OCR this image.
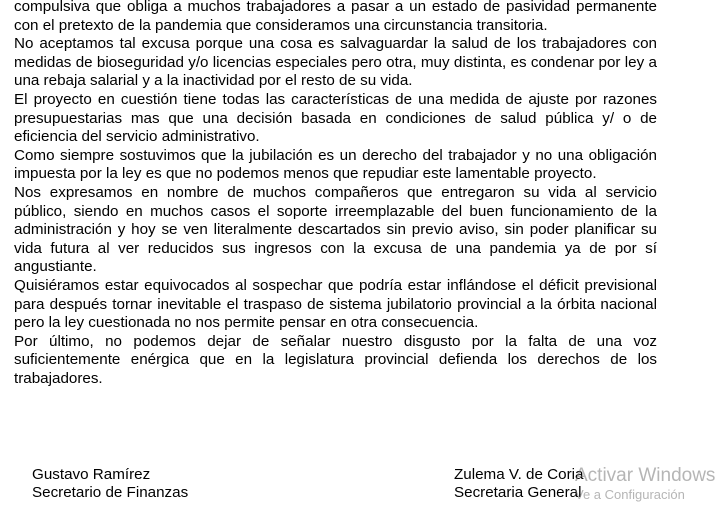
compulsiva que obliga a muchos trabajadores a pasar a un estado de pasividad permanente con el pretexto de la pandemia que consideramos una circunstancia transitoria.

No aceptamos tal excusa porque una cosa es salvaguardar la salud de los trabajadores con medidas de bioseguridad y/o licencias especiales pero otra, muy distinta, es condenar por ley a una rebaja salarial y a la inactividad por el resto de su vida.

El proyecto en cuestión tiene todas las características de una medida de ajuste por razones presupuestarias mas que una decisión basada en condiciones de salud pública y/ o de eficiencia del servicio administrativo.

Como siempre sostuvimos que la jubilación es un derecho del trabajador y no una obligación impuesta por la ley es que no podemos menos que repudiar este lamentable proyecto.

Nos expresamos en nombre de muchos compañeros que entregaron su vida al servicio público, siendo en muchos casos el soporte irreemplazable del buen funcionamiento de la administración y hoy se ven literalmente descartados sin previo aviso, sin poder planificar su vida futura al ver reducidos sus ingresos con la excusa de una pandemia ya de por sí angustiante.

Quisiéramos estar equivocados al sospechar que podría estar inflándose el déficit previsional para después tornar inevitable el traspaso de sistema jubilatorio provincial a la órbita nacional pero la ley cuestionada no nos permite pensar en otra consecuencia.

Por último, no podemos dejar de señalar nuestro disgusto por la falta de una voz suficientemente enérgica que en la legislatura provincial defienda los derechos de los trabajadores.

Gustavo Ramírez
Secretario de Finanzas
Zulema V. de Coria
Secretaria General
Activar Windows
Ve a Configuración
